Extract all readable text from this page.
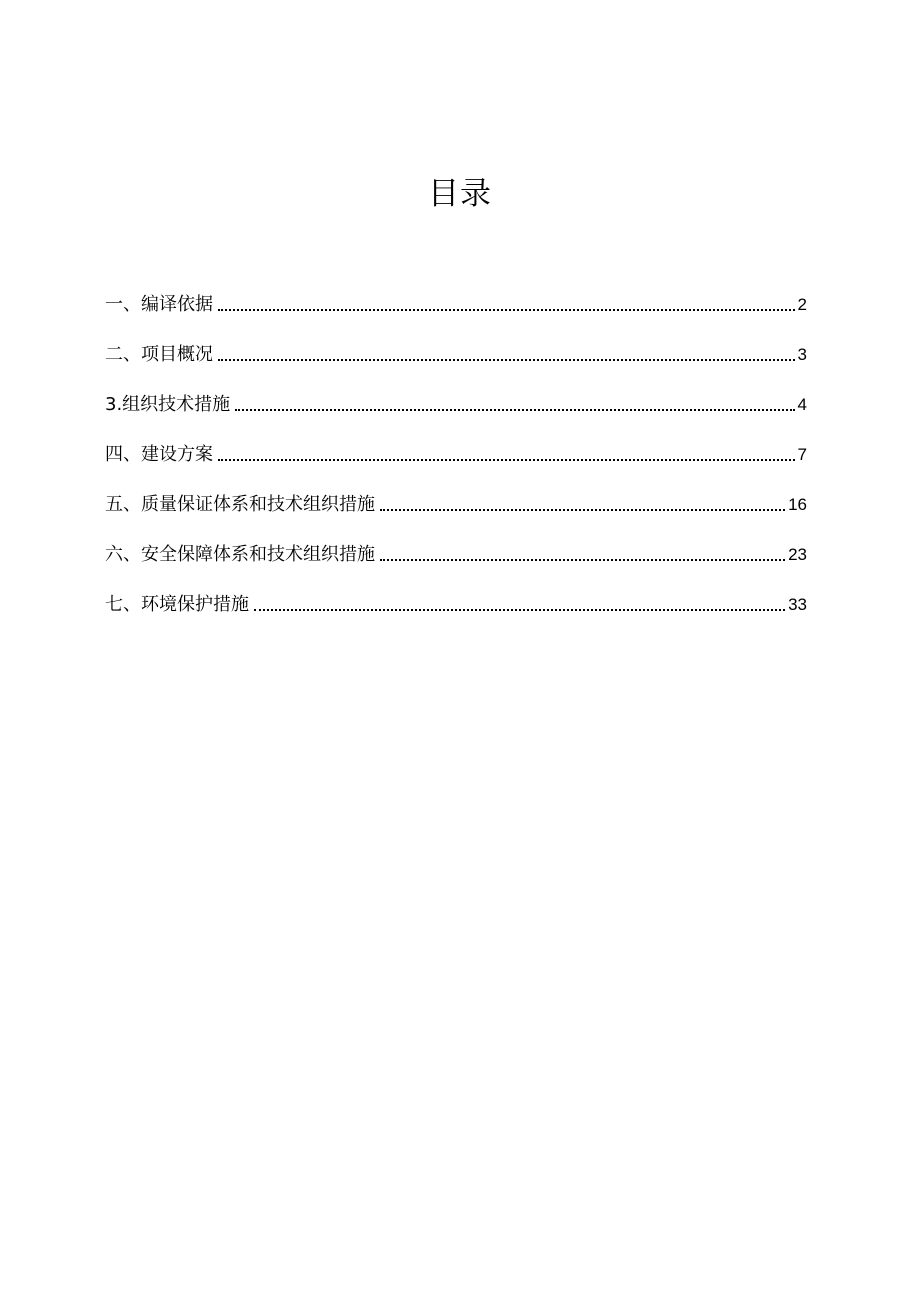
目录
一、编译依据	2
二、项目概况	3
3.组织技术措施	4
四、建设方案	7
五、质量保证体系和技术组织措施	16
六、安全保障体系和技术组织措施	23
七、环境保护措施	33
